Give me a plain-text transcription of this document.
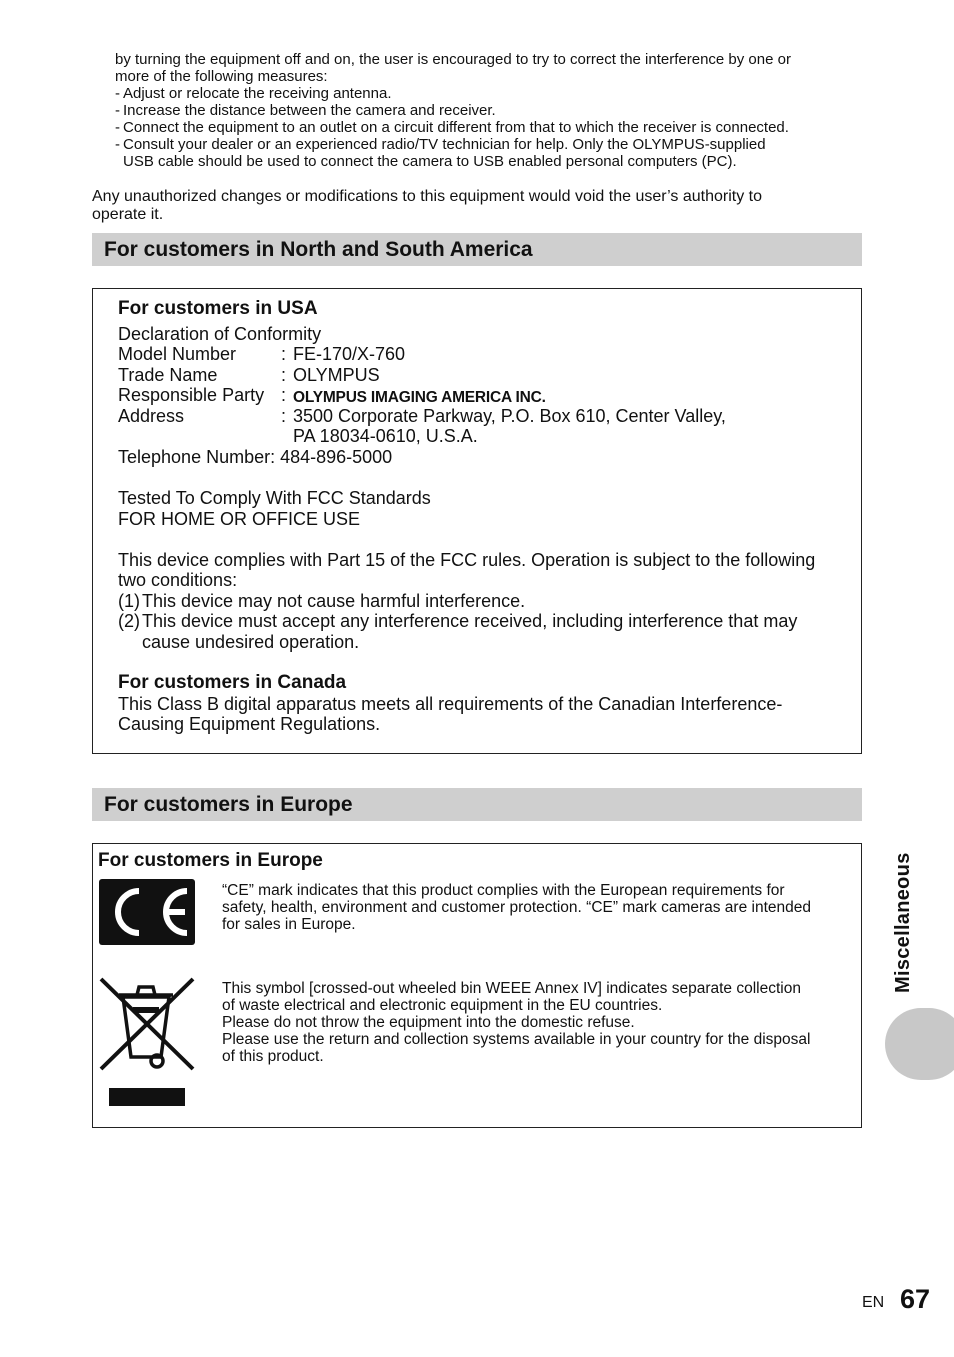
by turning the equipment off and on, the user is encouraged to try to correct the interference by one or
more of the following measures:
- Adjust or relocate the receiving antenna.
- Increase the distance between the camera and receiver.
- Connect the equipment to an outlet on a circuit different from that to which the receiver is connected.
- Consult your dealer or an experienced radio/TV technician for help. Only the OLYMPUS-supplied
USB cable should be used to connect the camera to USB enabled personal computers (PC).
Any unauthorized changes or modifications to this equipment would void the user’s authority to
operate it.
For customers in North and South America
For customers in USA
Declaration of Conformity
Model Number : FE-170/X-760
Trade Name	: OLYMPUS
Responsible Party : OLYMPUS IMAGING AMERICA INC.
Address	: 3500 Corporate Parkway, P.O. Box 610, Center Valley,
PA 18034-0610, U.S.A.
Telephone Number: 484-896-5000
Tested To Comply With FCC Standards
FOR HOME OR OFFICE USE
This device complies with Part 15 of the FCC rules. Operation is subject to the following
two conditions:
(1) This device may not cause harmful interference.
(2) This device must accept any interference received, including interference that may
cause undesired operation.
For customers in Canada
This Class B digital apparatus meets all requirements of the Canadian Interference-
Causing Equipment Regulations.
For customers in Europe
For customers in Europe
“CE” mark indicates that this product complies with the European requirements for
safety, health, environment and customer protection. “CE” mark cameras are intended
for sales in Europe.
This symbol [crossed-out wheeled bin WEEE Annex IV] indicates separate collection
of waste electrical and electronic equipment in the EU countries.
Please do not throw the equipment into the domestic refuse.
Please use the return and collection systems available in your country for the disposal
of this product.
Miscellaneous
EN 67
